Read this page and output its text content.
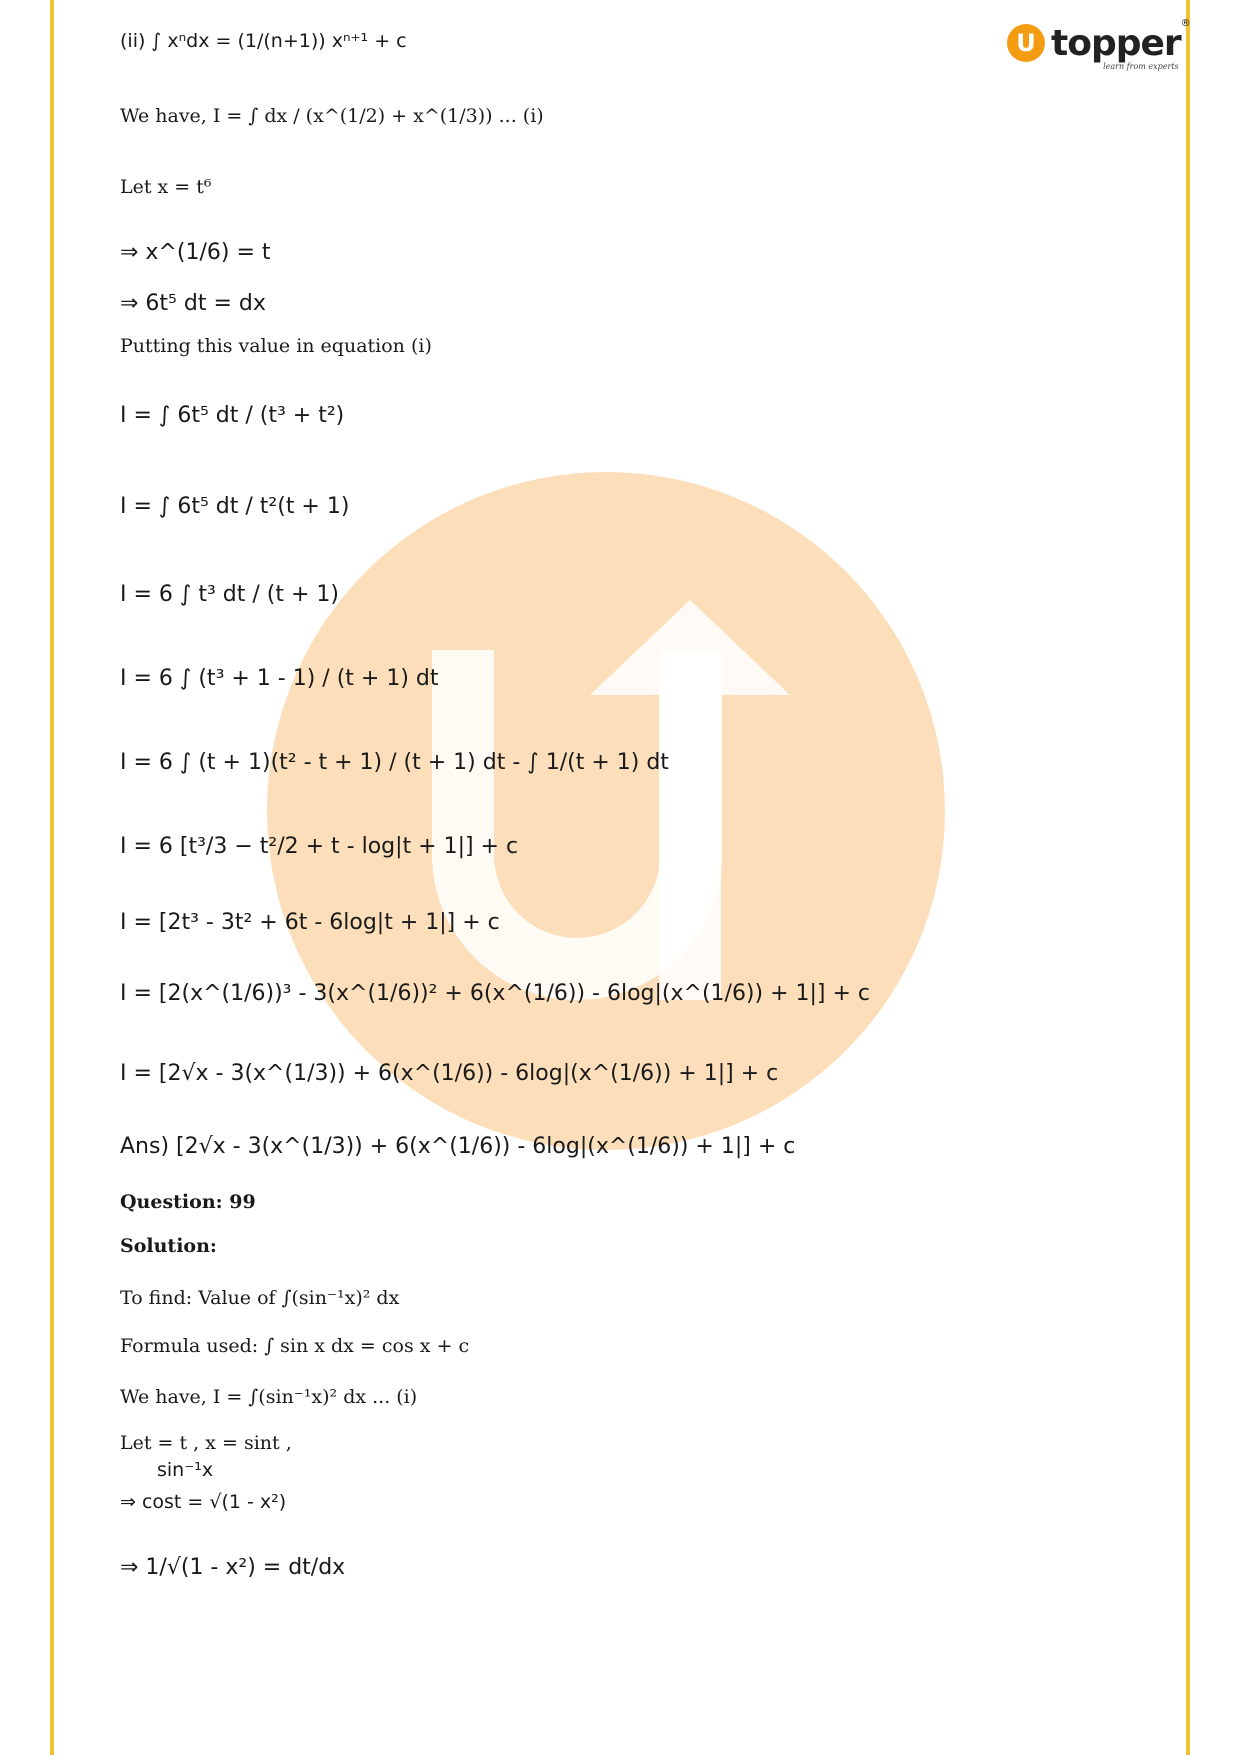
U topper ®
learn from experts
(ii) ∫ xⁿdx = (1/(n+1)) xⁿ⁺¹ + c
We have, I = ∫ dx / (x^(1/2) + x^(1/3)) ... (i)
Let x = t⁶
⇒ x^(1/6) = t
⇒ 6t⁵ dt = dx
Putting this value in equation (i)
I = ∫ 6t⁵ dt / (t³ + t²)
I = ∫ 6t⁵ dt / t²(t + 1)
I = 6 ∫ t³ dt / (t + 1)
I = 6 ∫ (t³ + 1 - 1) / (t + 1) dt
I = 6 ∫ (t + 1)(t² - t + 1) / (t + 1) dt - ∫ 1/(t + 1) dt
I = 6 [t³/3 − t²/2 + t - log|t + 1|] + c
I = [2t³ - 3t² + 6t - 6log|t + 1|] + c
I = [2(x^(1/6))³ - 3(x^(1/6))² + 6(x^(1/6)) - 6log|(x^(1/6)) + 1|] + c
I = [2√x - 3(x^(1/3)) + 6(x^(1/6)) - 6log|(x^(1/6)) + 1|] + c
Ans) [2√x - 3(x^(1/3)) + 6(x^(1/6)) - 6log|(x^(1/6)) + 1|] + c
Question: 99
Solution:
To find: Value of ∫(sin⁻¹x)² dx
Formula used: ∫ sin x dx = cos x + c
We have, I = ∫(sin⁻¹x)² dx ... (i)
Let = t , x = sint ,
sin⁻¹x
⇒ cost = √(1 - x²)
⇒ 1/√(1 - x²) = dt/dx
